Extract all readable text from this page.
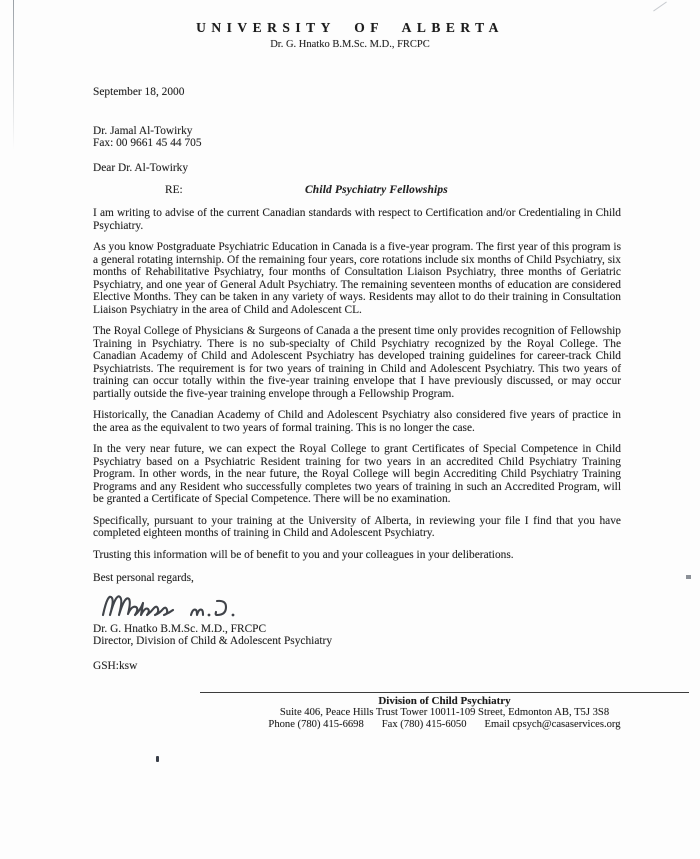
UNIVERSITY OF ALBERTA
Dr. G. Hnatko B.M.Sc. M.D., FRCPC
September 18, 2000
Dr. Jamal Al-Towirky
Fax: 00 9661 45 44 705
Dear Dr. Al-Towirky
RE:	Child Psychiatry Fellowships

I am writing to advise of the current Canadian standards with respect to Certification and/or Credentialing in Child Psychiatry.

As you know Postgraduate Psychiatric Education in Canada is a five-year program. The first year of this program is a general rotating internship. Of the remaining four years, core rotations include six months of Child Psychiatry, six months of Rehabilitative Psychiatry, four months of Consultation Liaison Psychiatry, three months of Geriatric Psychiatry, and one year of General Adult Psychiatry. The remaining seventeen months of education are considered Elective Months. They can be taken in any variety of ways. Residents may allot to do their training in Consultation Liaison Psychiatry in the area of Child and Adolescent CL.

The Royal College of Physicians & Surgeons of Canada a the present time only provides recognition of Fellowship Training in Psychiatry. There is no sub-specialty of Child Psychiatry recognized by the Royal College. The Canadian Academy of Child and Adolescent Psychiatry has developed training guidelines for career-track Child Psychiatrists. The requirement is for two years of training in Child and Adolescent Psychiatry. This two years of training can occur totally within the five-year training envelope that I have previously discussed, or may occur partially outside the five-year training envelope through a Fellowship Program.

Historically, the Canadian Academy of Child and Adolescent Psychiatry also considered five years of practice in the area as the equivalent to two years of formal training. This is no longer the case.

In the very near future, we can expect the Royal College to grant Certificates of Special Competence in Child Psychiatry based on a Psychiatric Resident training for two years in an accredited Child Psychiatry Training Program. In other words, in the near future, the Royal College will begin Accrediting Child Psychiatry Training Programs and any Resident who successfully completes two years of training in such an Accredited Program, will be granted a Certificate of Special Competence. There will be no examination.

Specifically, pursuant to your training at the University of Alberta, in reviewing your file I find that you have completed eighteen months of training in Child and Adolescent Psychiatry.

Trusting this information will be of benefit to you and your colleagues in your deliberations.

Best personal regards,
Dr. G. Hnatko B.M.Sc. M.D., FRCPC
Director, Division of Child & Adolescent Psychiatry
GSH:ksw
Division of Child Psychiatry
Suite 406, Peace Hills Trust Tower 10011-109 Street, Edmonton AB, T5J 3S8
Phone (780) 415-6698 Fax (780) 415-6050 Email cpsych@casaservices.org
